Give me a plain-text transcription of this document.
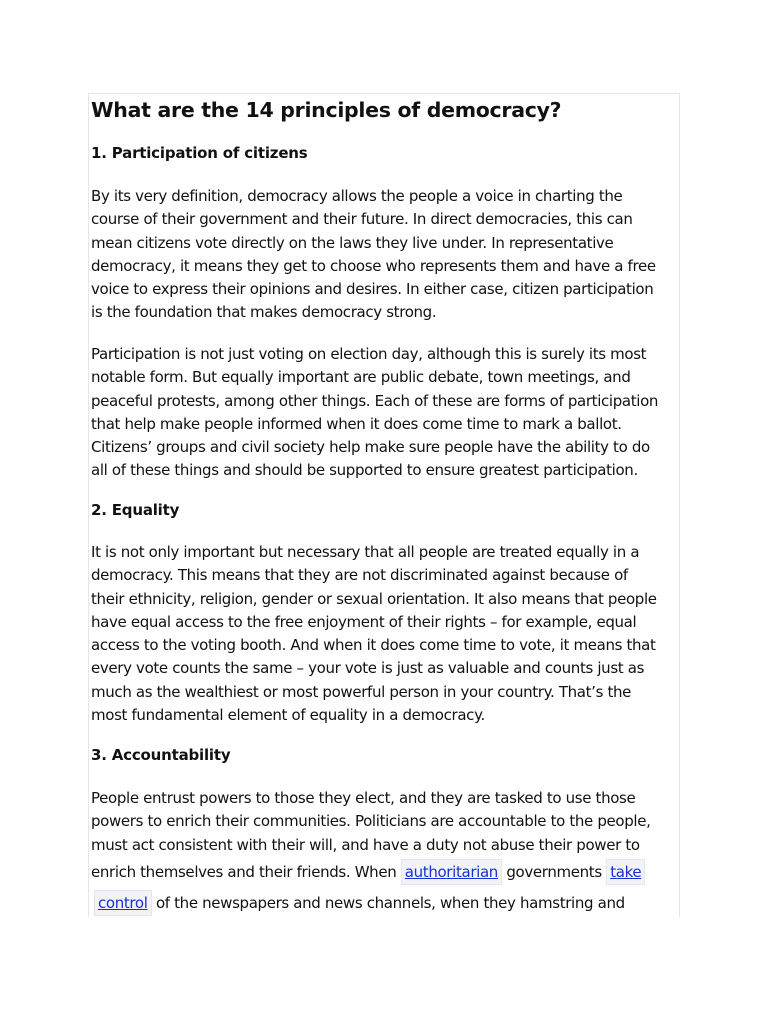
What are the 14 principles of democracy?
1. Participation of citizens
By its very definition, democracy allows the people a voice in charting the
course of their government and their future. In direct democracies, this can
mean citizens vote directly on the laws they live under. In representative
democracy, it means they get to choose who represents them and have a free
voice to express their opinions and desires. In either case, citizen participation
is the foundation that makes democracy strong.
Participation is not just voting on election day, although this is surely its most
notable form. But equally important are public debate, town meetings, and
peaceful protests, among other things. Each of these are forms of participation
that help make people informed when it does come time to mark a ballot.
Citizens’ groups and civil society help make sure people have the ability to do
all of these things and should be supported to ensure greatest participation.
2. Equality
It is not only important but necessary that all people are treated equally in a
democracy. This means that they are not discriminated against because of
their ethnicity, religion, gender or sexual orientation. It also means that people
have equal access to the free enjoyment of their rights – for example, equal
access to the voting booth. And when it does come time to vote, it means that
every vote counts the same – your vote is just as valuable and counts just as
much as the wealthiest or most powerful person in your country. That’s the
most fundamental element of equality in a democracy.
3. Accountability
People entrust powers to those they elect, and they are tasked to use those
powers to enrich their communities. Politicians are accountable to the people,
must act consistent with their will, and have a duty not abuse their power to
enrich themselves and their friends. When authoritarian governments take
control of the newspapers and news channels, when they hamstring and
